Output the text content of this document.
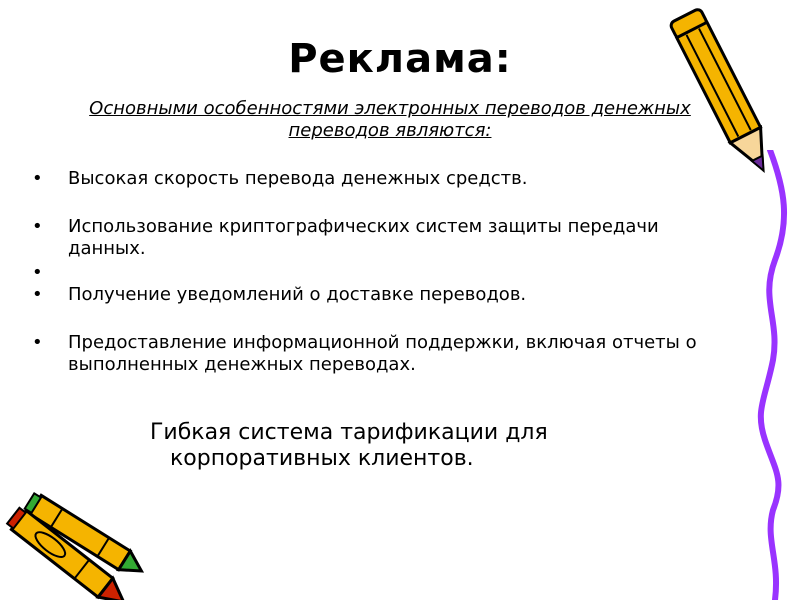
Реклама:
Основными особенностями электронных переводов денежных переводов являются:
• Высокая скорость перевода денежных средств.
• Использование криптографических систем защиты передачи данных.
•
• Получение уведомлений о доставке переводов.
• Предоставление информационной поддержки, включая отчеты о выполненных денежных переводах.
Гибкая система тарификации для
корпоративных клиентов.
